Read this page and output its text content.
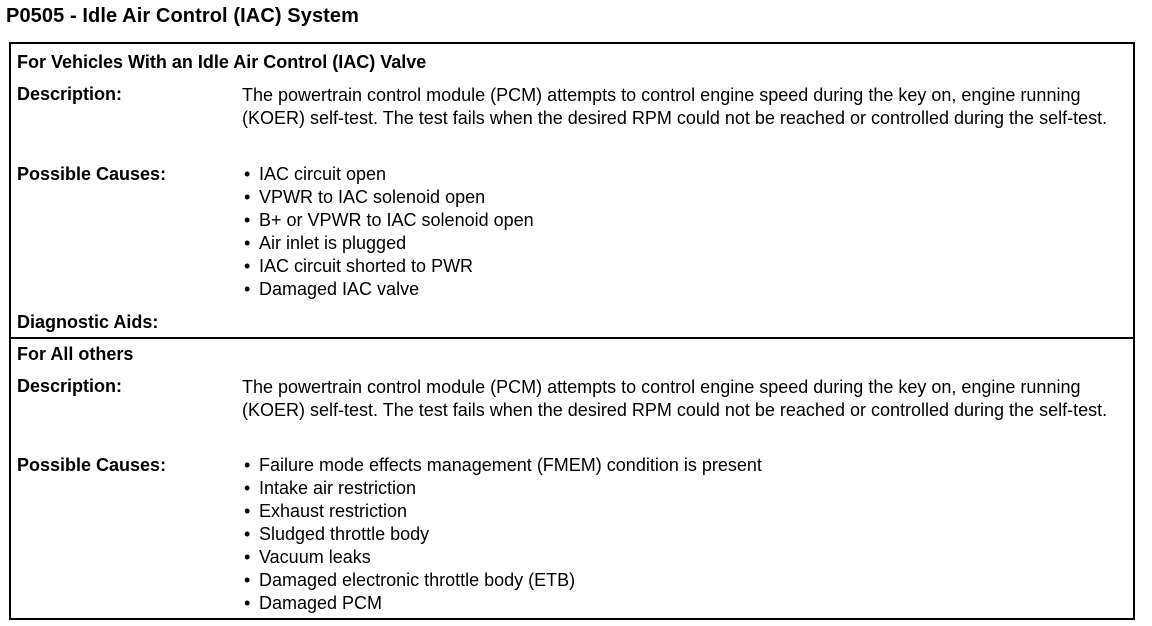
P0505 - Idle Air Control (IAC) System
For Vehicles With an Idle Air Control (IAC) Valve
Description:	The powertrain control module (PCM) attempts to control engine speed during the key on, engine running (KOER) self-test. The test fails when the desired RPM could not be reached or controlled during the self-test.
Possible Causes:	• IAC circuit open
• VPWR to IAC solenoid open
• B+ or VPWR to IAC solenoid open
• Air inlet is plugged
• IAC circuit shorted to PWR
• Damaged IAC valve
Diagnostic Aids:
For All others
Description:	The powertrain control module (PCM) attempts to control engine speed during the key on, engine running (KOER) self-test. The test fails when the desired RPM could not be reached or controlled during the self-test.
Possible Causes:	• Failure mode effects management (FMEM) condition is present
• Intake air restriction
• Exhaust restriction
• Sludged throttle body
• Vacuum leaks
• Damaged electronic throttle body (ETB)
• Damaged PCM
